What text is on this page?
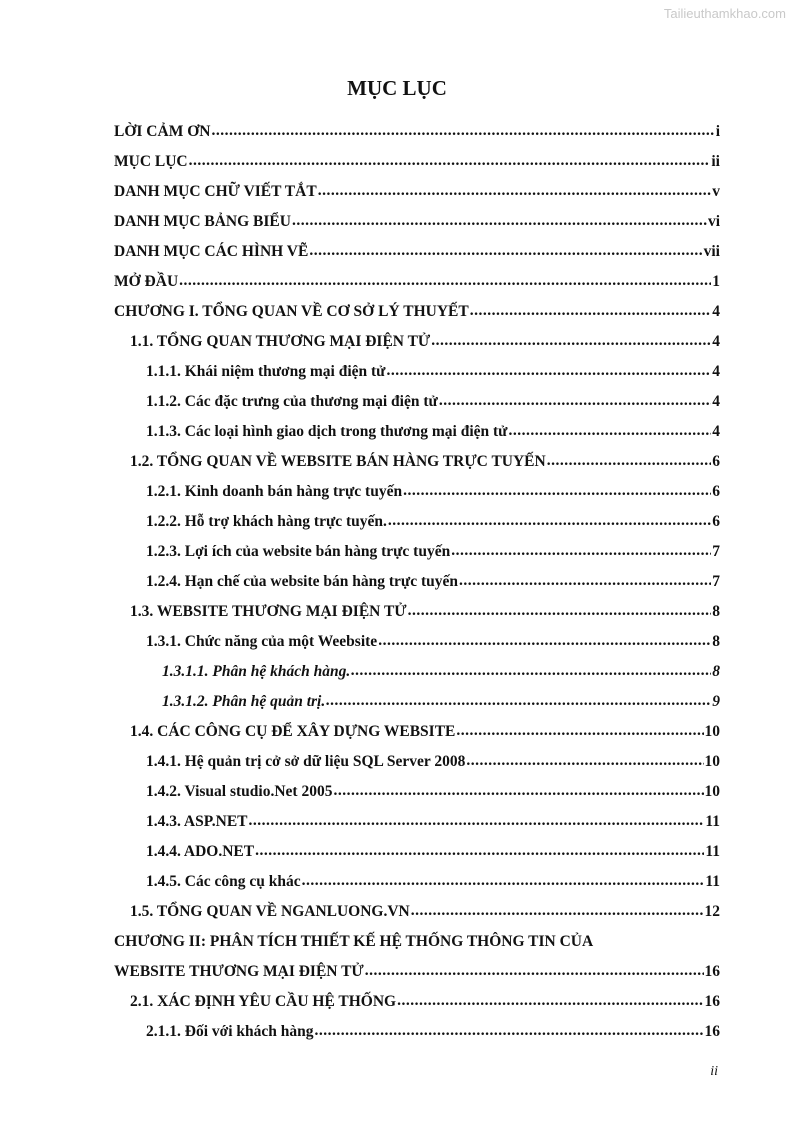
Tailieuthamkhao.com
MỤC LỤC
LỜI CẢM ƠN .....	i
MỤC LỤC .....	ii
DANH MỤC CHỮ VIẾT TẮT .....	v
DANH MỤC BẢNG BIỂU .....	vi
DANH MỤC CÁC HÌNH VẼ .....	vii
MỞ ĐẦU .....	1
CHƯƠNG I. TỔNG QUAN VỀ CƠ SỞ LÝ THUYẾT .....	4
1.1. TỔNG QUAN THƯƠNG MẠI ĐIỆN TỬ .....	4
1.1.1. Khái niệm thương mại điện tử .....	4
1.1.2. Các đặc trưng của thương mại điện tử .....	4
1.1.3. Các loại hình giao dịch trong thương mại điện tử .....	4
1.2. TỔNG QUAN VỀ WEBSITE BÁN HÀNG TRỰC TUYẾN .....	6
1.2.1. Kinh doanh bán hàng trực tuyến .....	6
1.2.2. Hỗ trợ khách hàng trực tuyến. .....	6
1.2.3. Lợi ích của website bán hàng trực tuyến .....	7
1.2.4. Hạn chế của website bán hàng trực tuyến .....	7
1.3. WEBSITE THƯƠNG MẠI ĐIỆN TỬ .....	8
1.3.1. Chức năng của một Weebsite .....	8
1.3.1.1. Phân hệ khách hàng. .....	8
1.3.1.2. Phân hệ quản trị. .....	9
1.4. CÁC CÔNG CỤ ĐỂ XÂY DỰNG WEBSITE .....	10
1.4.1. Hệ quản trị cở sở dữ liệu SQL Server 2008 .....	10
1.4.2. Visual studio.Net 2005 .....	10
1.4.3. ASP.NET .....	11
1.4.4. ADO.NET .....	11
1.4.5. Các công cụ khác .....	11
1.5. TỔNG QUAN VỀ NGANLUONG.VN .....	12
CHƯƠNG II: PHÂN TÍCH THIẾT KẾ HỆ THỐNG THÔNG TIN CỦA
WEBSITE THƯƠNG MẠI ĐIỆN TỬ .....	16
2.1. XÁC ĐỊNH YÊU CẦU HỆ THỐNG .....	16
2.1.1. Đối với khách hàng .....	16
ii
